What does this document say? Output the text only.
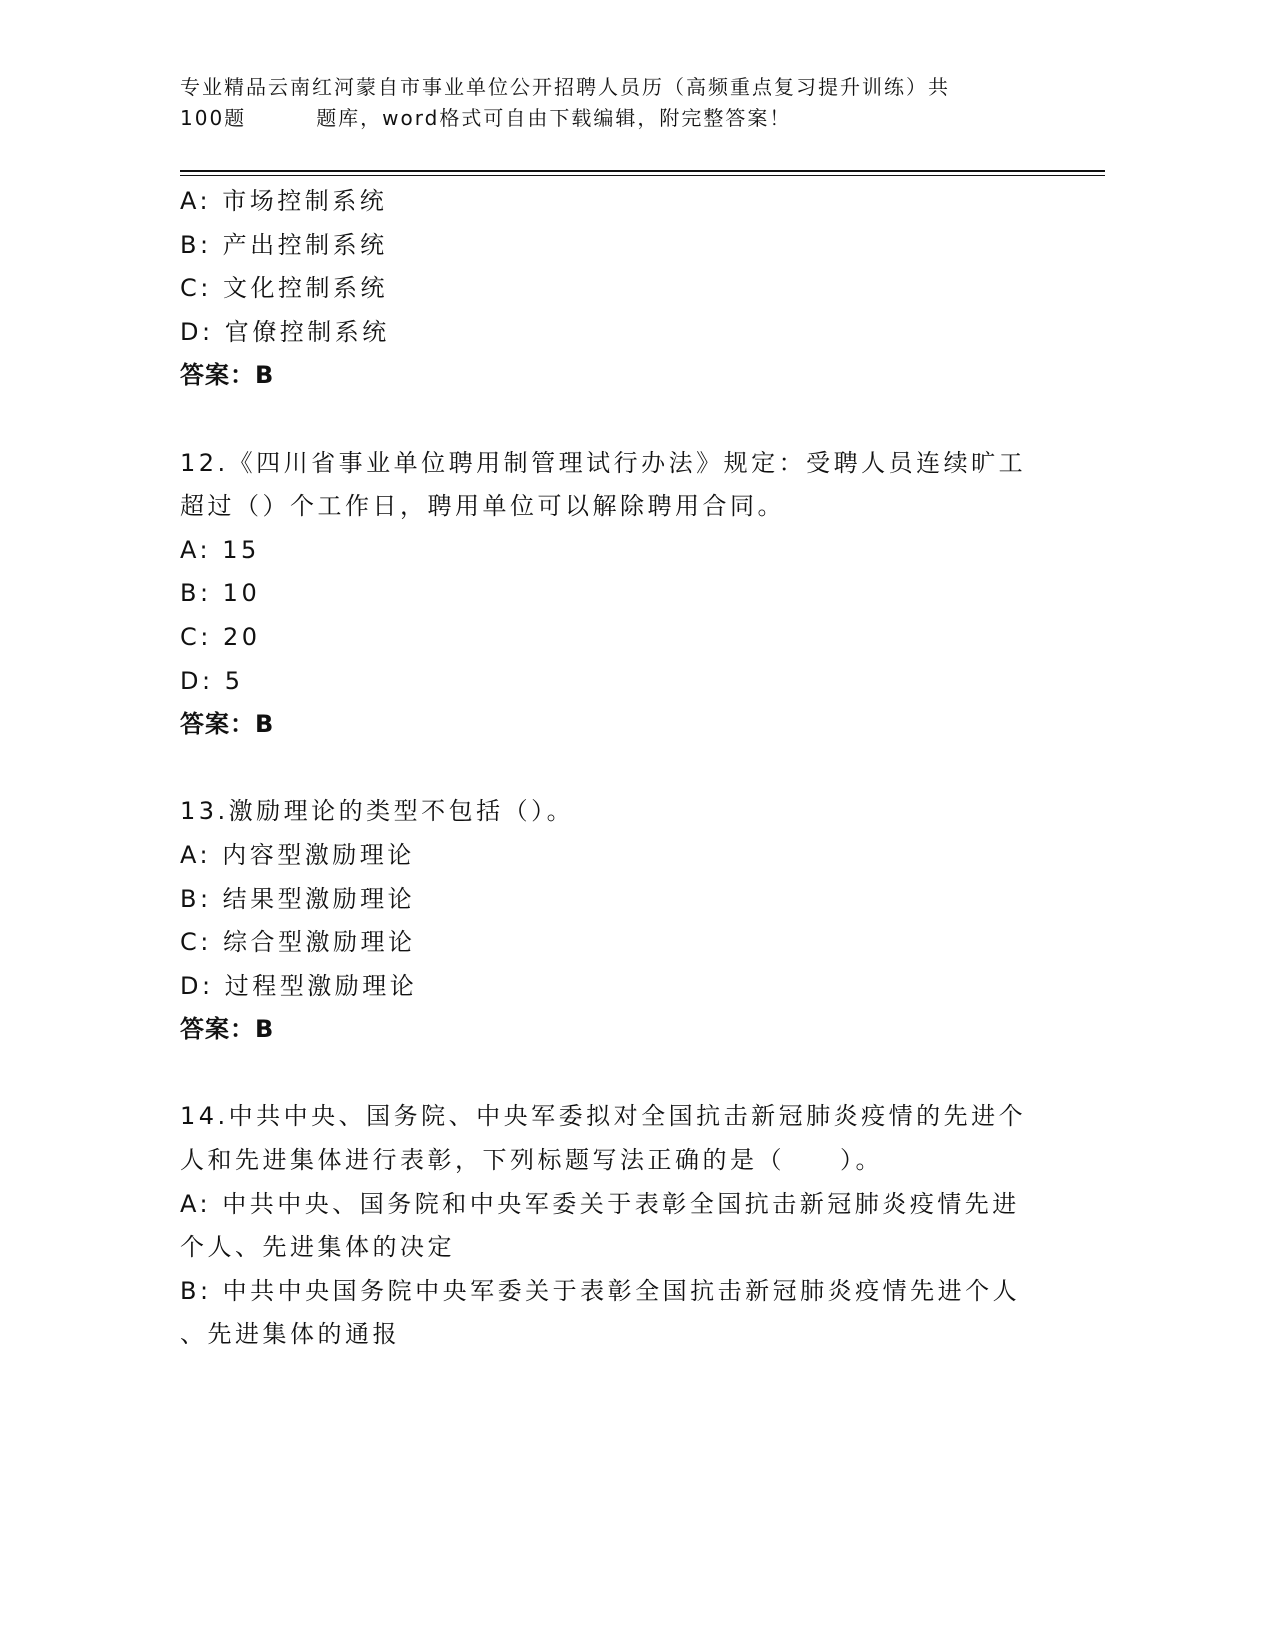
专业精品云南红河蒙自市事业单位公开招聘人员历（高频重点复习提升训练）共
100题	题库，word格式可自由下载编辑，附完整答案！
A: 市场控制系统
B: 产出控制系统
C: 文化控制系统
D: 官僚控制系统
答案：B
12.《四川省事业单位聘用制管理试行办法》规定：受聘人员连续旷工
超过（）个工作日，聘用单位可以解除聘用合同。
A: 15
B: 10
C: 20
D: 5
答案：B
13.激励理论的类型不包括（）。
A: 内容型激励理论
B: 结果型激励理论
C: 综合型激励理论
D: 过程型激励理论
答案：B
14.中共中央、国务院、中央军委拟对全国抗击新冠肺炎疫情的先进个
人和先进集体进行表彰，下列标题写法正确的是（　　）。
A: 中共中央、国务院和中央军委关于表彰全国抗击新冠肺炎疫情先进
个人、先进集体的决定
B: 中共中央国务院中央军委关于表彰全国抗击新冠肺炎疫情先进个人
、先进集体的通报
